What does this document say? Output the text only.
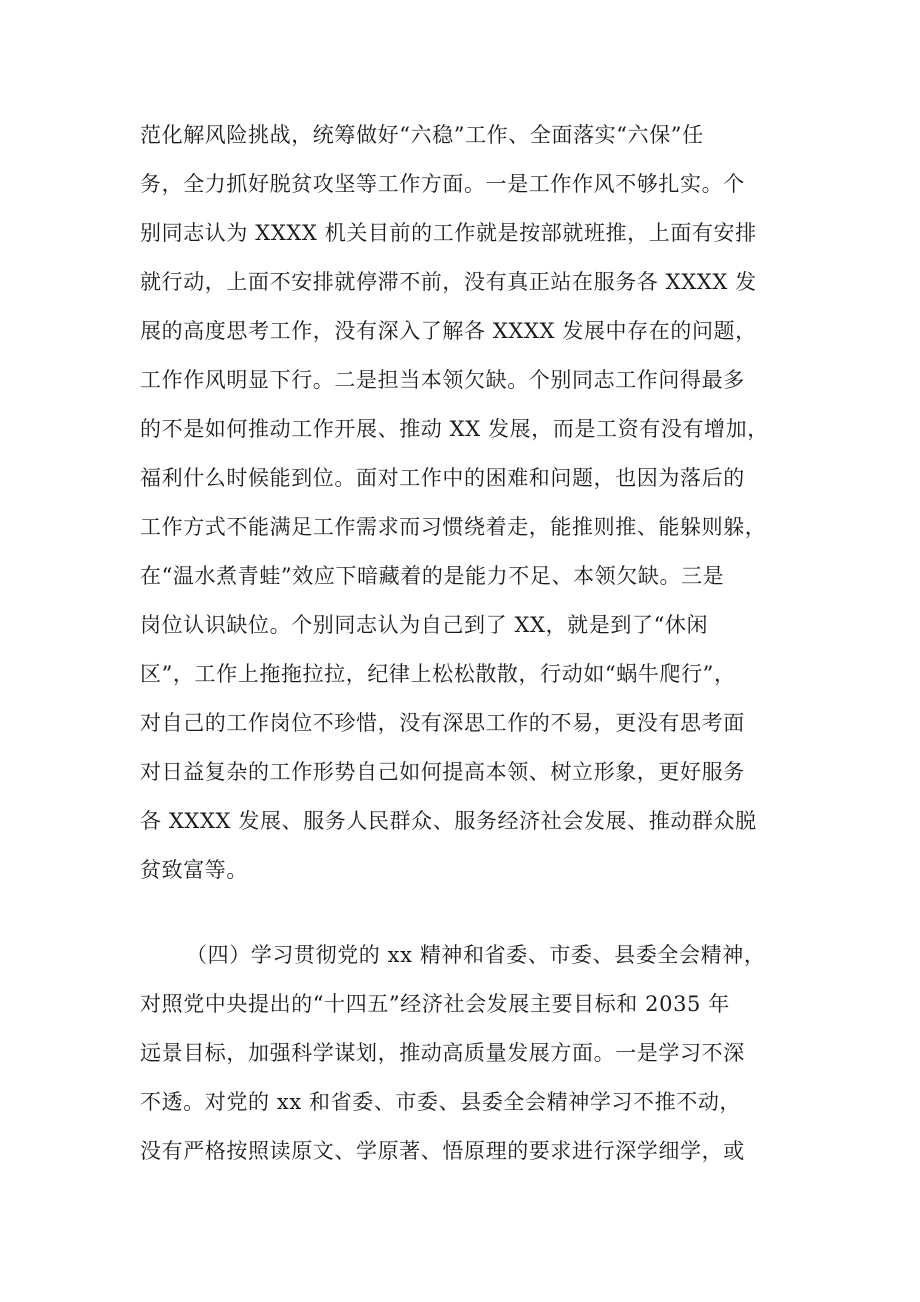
范化解风险挑战，统筹做好“六稳”工作、全面落实“六保”任
务，全力抓好脱贫攻坚等工作方面。一是工作作风不够扎实。个
别同志认为 XXXX 机关目前的工作就是按部就班推，上面有安排
就行动，上面不安排就停滞不前，没有真正站在服务各 XXXX 发
展的高度思考工作，没有深入了解各 XXXX 发展中存在的问题，
工作作风明显下行。二是担当本领欠缺。个别同志工作问得最多
的不是如何推动工作开展、推动 XX 发展，而是工资有没有增加，
福利什么时候能到位。面对工作中的困难和问题，也因为落后的
工作方式不能满足工作需求而习惯绕着走，能推则推、能躲则躲，
在“温水煮青蛙”效应下暗藏着的是能力不足、本领欠缺。三是
岗位认识缺位。个别同志认为自己到了 XX，就是到了“休闲
区”，工作上拖拖拉拉，纪律上松松散散，行动如“蜗牛爬行”，
对自己的工作岗位不珍惜，没有深思工作的不易，更没有思考面
对日益复杂的工作形势自己如何提高本领、树立形象，更好服务
各 XXXX 发展、服务人民群众、服务经济社会发展、推动群众脱
贫致富等。
（四）学习贯彻党的 xx 精神和省委、市委、县委全会精神，
对照党中央提出的“十四五”经济社会发展主要目标和 2035 年
远景目标，加强科学谋划，推动高质量发展方面。一是学习不深
不透。对党的 xx 和省委、市委、县委全会精神学习不推不动，
没有严格按照读原文、学原著、悟原理的要求进行深学细学，或
